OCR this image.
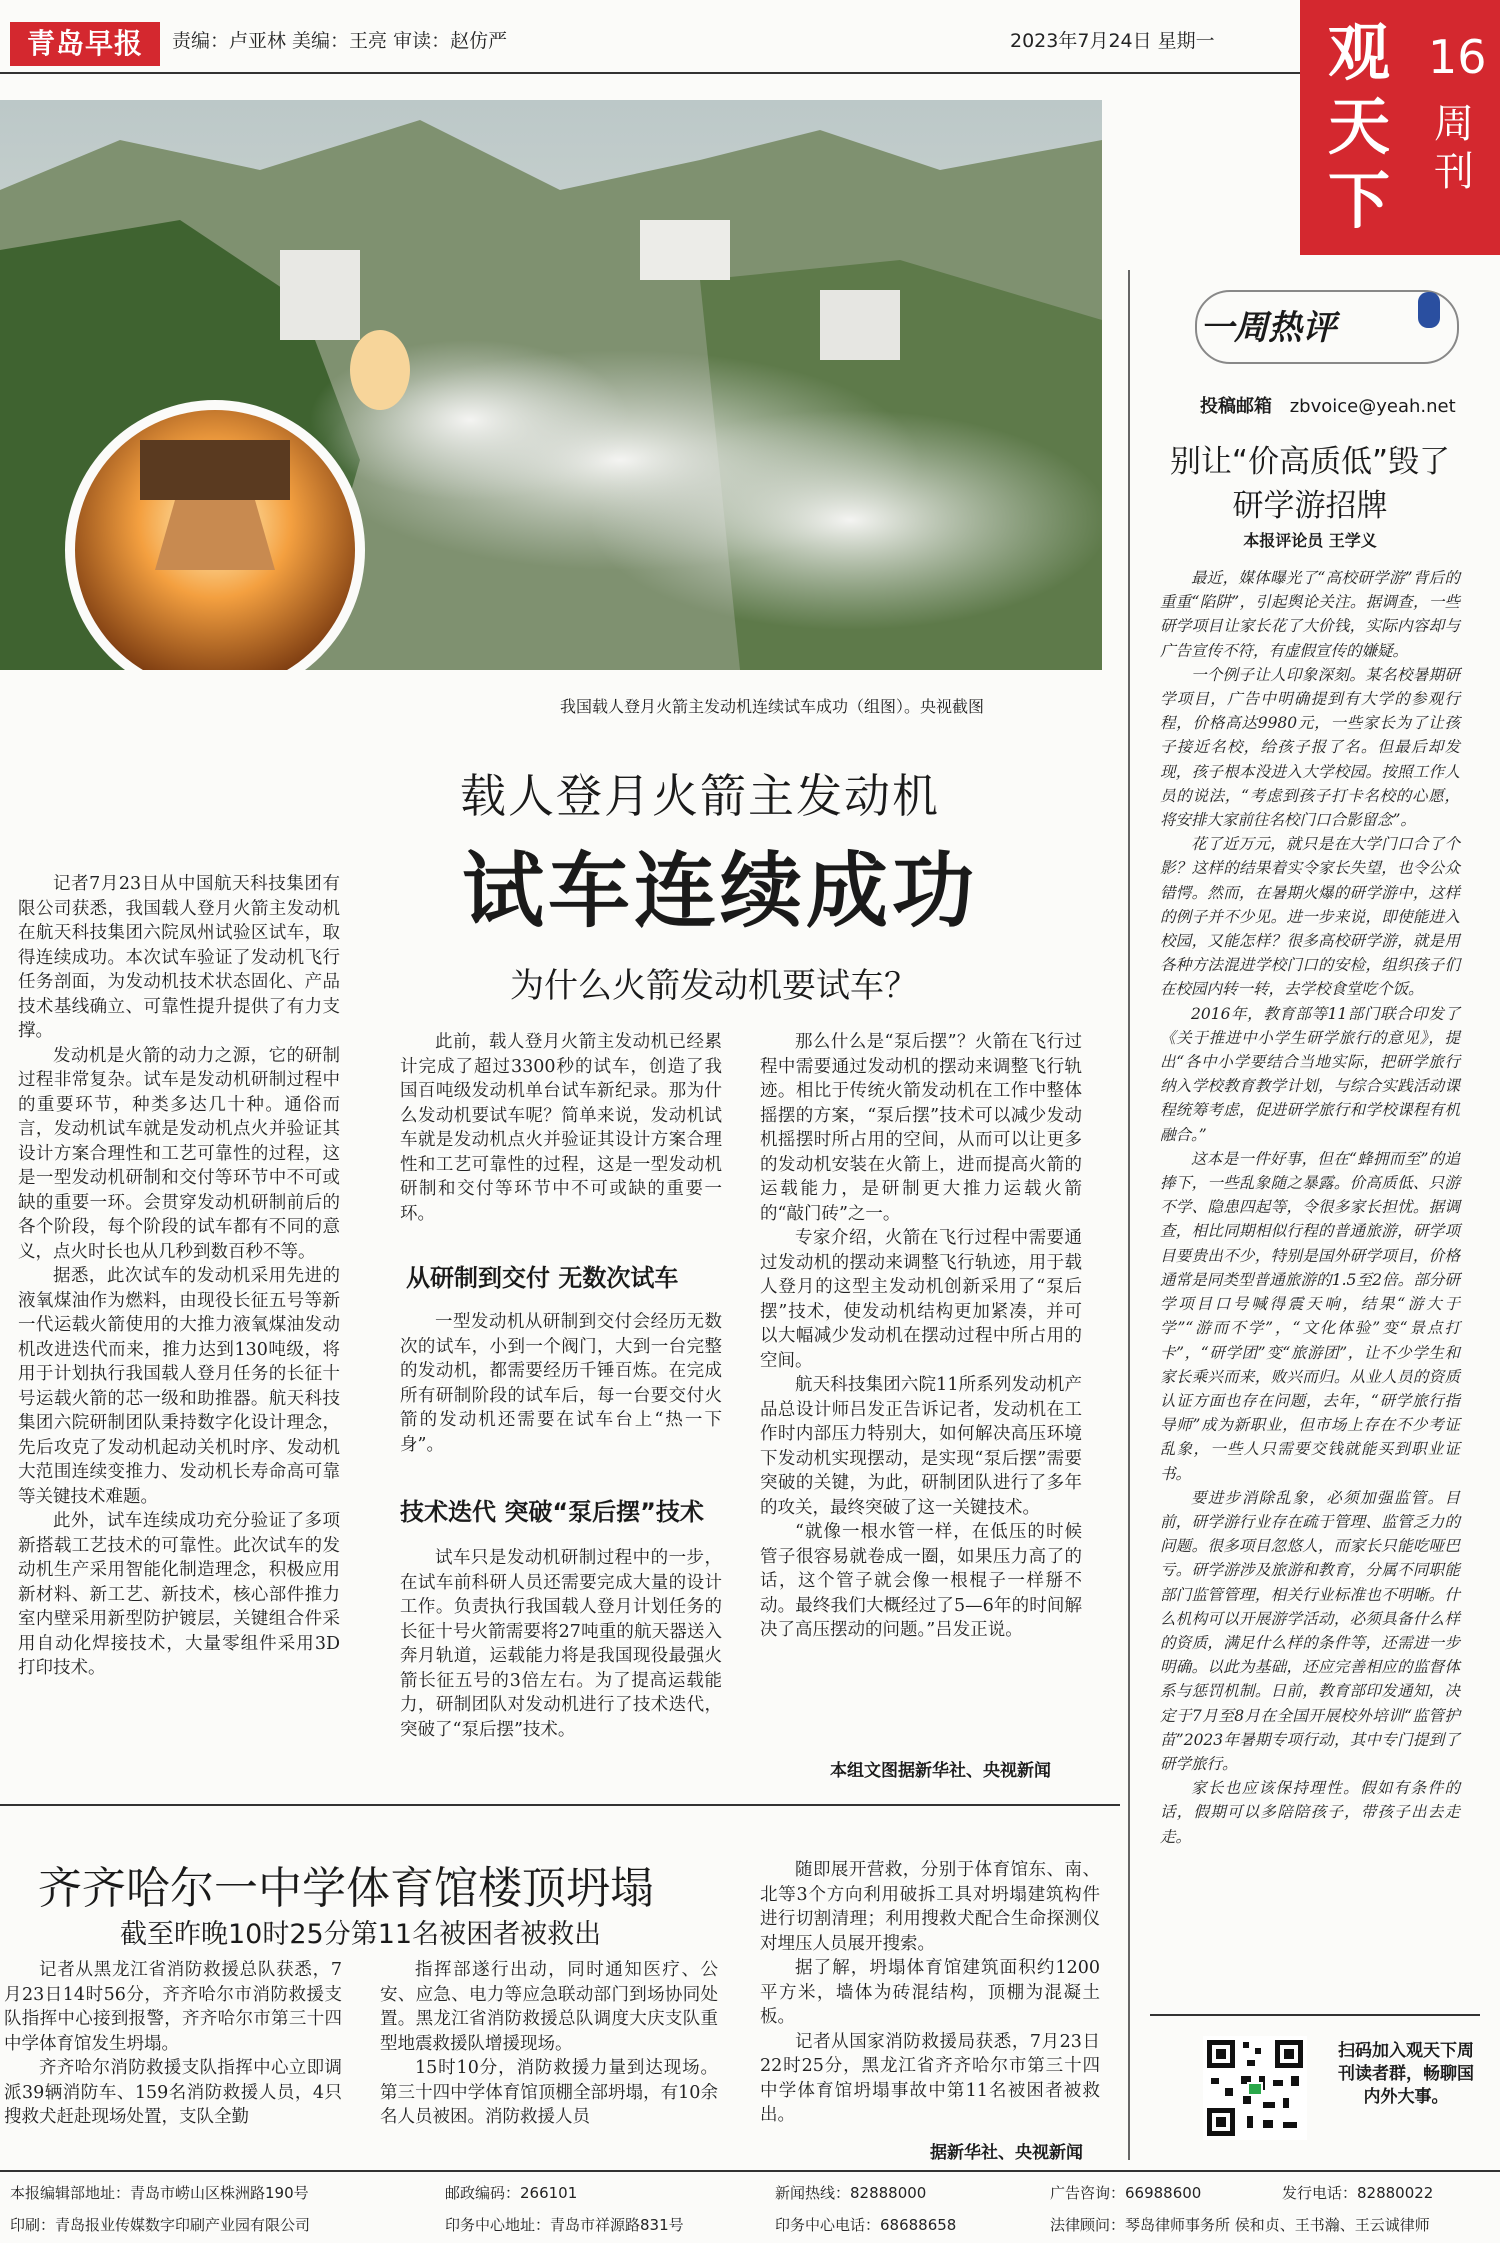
青岛早报	责编：卢亚林 美编：王亮 审读：赵仿严	2023年7月24日 星期一 观天下
16
周刊
我国载人登月火箭主发动机连续试车成功（组图）。央视截图
载人登月火箭主发动机
试车连续成功
为什么火箭发动机要试车？

记者7月23日从中国航天科技集团有限公司获悉，我国载人登月火箭主发动机在航天科技集团六院凤州试验区试车，取得连续成功。本次试车验证了发动机飞行任务剖面，为发动机技术状态固化、产品技术基线确立、可靠性提升提供了有力支撑。

发动机是火箭的动力之源，它的研制过程非常复杂。试车是发动机研制过程中的重要环节，种类多达几十种。通俗而言，发动机试车就是发动机点火并验证其设计方案合理性和工艺可靠性的过程，这是一型发动机研制和交付等环节中不可或缺的重要一环。会贯穿发动机研制前后的各个阶段，每个阶段的试车都有不同的意义，点火时长也从几秒到数百秒不等。

据悉，此次试车的发动机采用先进的液氧煤油作为燃料，由现役长征五号等新一代运载火箭使用的大推力液氧煤油发动机改进迭代而来，推力达到130吨级，将用于计划执行我国载人登月任务的长征十号运载火箭的芯一级和助推器。航天科技集团六院研制团队秉持数字化设计理念，先后攻克了发动机起动关机时序、发动机大范围连续变推力、发动机长寿命高可靠等关键技术难题。

此外，试车连续成功充分验证了多项新搭载工艺技术的可靠性。此次试车的发动机生产采用智能化制造理念，积极应用新材料、新工艺、新技术，核心部件推力室内壁采用新型防护镀层，关键组合件采用自动化焊接技术，大量零组件采用3D打印技术。

此前，载人登月火箭主发动机已经累计完成了超过3300秒的试车，创造了我国百吨级发动机单台试车新纪录。那为什么发动机要试车呢？简单来说，发动机试车就是发动机点火并验证其设计方案合理性和工艺可靠性的过程，这是一型发动机研制和交付等环节中不可或缺的重要一环。

从研制到交付 无数次试车

一型发动机从研制到交付会经历无数次的试车，小到一个阀门，大到一台完整的发动机，都需要经历千锤百炼。在完成所有研制阶段的试车后，每一台要交付火箭的发动机还需要在试车台上“热一下身”。

技术迭代 突破“泵后摆”技术

试车只是发动机研制过程中的一步，在试车前科研人员还需要完成大量的设计工作。负责执行我国载人登月计划任务的长征十号火箭需要将27吨重的航天器送入奔月轨道，运载能力将是我国现役最强火箭长征五号的3倍左右。为了提高运载能力，研制团队对发动机进行了技术迭代，突破了“泵后摆”技术。

那么什么是“泵后摆”？火箭在飞行过程中需要通过发动机的摆动来调整飞行轨迹。相比于传统火箭发动机在工作中整体摇摆的方案，“泵后摆”技术可以减少发动机摇摆时所占用的空间，从而可以让更多的发动机安装在火箭上，进而提高火箭的运载能力，是研制更大推力运载火箭的“敲门砖”之一。

专家介绍，火箭在飞行过程中需要通过发动机的摆动来调整飞行轨迹，用于载人登月的这型主发动机创新采用了“泵后摆”技术，使发动机结构更加紧凑，并可以大幅减少发动机在摆动过程中所占用的空间。

航天科技集团六院11所系列发动机产品总设计师吕发正告诉记者，发动机在工作时内部压力特别大，如何解决高压环境下发动机实现摆动，是实现“泵后摆”需要突破的关键，为此，研制团队进行了多年的攻关，最终突破了这一关键技术。

“就像一根水管一样，在低压的时候管子很容易就卷成一圈，如果压力高了的话，这个管子就会像一根棍子一样掰不动。最终我们大概经过了5—6年的时间解决了高压摆动的问题。”吕发正说。

本组文图据新华社、央视新闻
一周热评
投稿邮箱 zbvoice@yeah.net
别让“价高质低”毁了研学游招牌
本报评论员 王学义

最近，媒体曝光了“高校研学游”背后的重重“陷阱”，引起舆论关注。据调查，一些研学项目让家长花了大价钱，实际内容却与广告宣传不符，有虚假宣传的嫌疑。

一个例子让人印象深刻。某名校暑期研学项目，广告中明确提到有大学的参观行程，价格高达9980元，一些家长为了让孩子接近名校，给孩子报了名。但最后却发现，孩子根本没进入大学校园。按照工作人员的说法，“考虑到孩子打卡名校的心愿，将安排大家前往名校门口合影留念”。

花了近万元，就只是在大学门口合了个影？这样的结果着实令家长失望，也令公众错愕。然而，在暑期火爆的研学游中，这样的例子并不少见。进一步来说，即使能进入校园，又能怎样？很多高校研学游，就是用各种方法混进学校门口的安检，组织孩子们在校园内转一转，去学校食堂吃个饭。

2016年，教育部等11部门联合印发了《关于推进中小学生研学旅行的意见》，提出“各中小学要结合当地实际，把研学旅行纳入学校教育教学计划，与综合实践活动课程统筹考虑，促进研学旅行和学校课程有机融合。”

这本是一件好事，但在“蜂拥而至”的追捧下，一些乱象随之暴露。价高质低、只游不学、隐患四起等，令很多家长担忧。据调查，相比同期相似行程的普通旅游，研学项目要贵出不少，特别是国外研学项目，价格通常是同类型普通旅游的1.5至2倍。部分研学项目口号喊得震天响，结果“游大于学”“游而不学”，“文化体验”变“景点打卡”，“研学团”变“旅游团”，让不少学生和家长乘兴而来，败兴而归。从业人员的资质认证方面也存在问题，去年，“研学旅行指导师”成为新职业，但市场上存在不少考证乱象，一些人只需要交钱就能买到职业证书。

要进步消除乱象，必须加强监管。目前，研学游行业存在疏于管理、监管乏力的问题。很多项目忽悠人，而家长只能吃哑巴亏。研学游涉及旅游和教育，分属不同职能部门监管管理，相关行业标准也不明晰。什么机构可以开展游学活动，必须具备什么样的资质，满足什么样的条件等，还需进一步明确。以此为基础，还应完善相应的监督体系与惩罚机制。日前，教育部印发通知，决定于7月至8月在全国开展校外培训“监管护苗”2023年暑期专项行动，其中专门提到了研学旅行。

家长也应该保持理性。假如有条件的话，假期可以多陪陪孩子，带孩子出去走走。

扫码加入观天下周刊读者群，畅聊国内外大事。
齐齐哈尔一中学体育馆楼顶坍塌
截至昨晚10时25分第11名被困者被救出

记者从黑龙江省消防救援总队获悉，7月23日14时56分，齐齐哈尔市消防救援支队指挥中心接到报警，齐齐哈尔市第三十四中学体育馆发生坍塌。

齐齐哈尔消防救援支队指挥中心立即调派39辆消防车、159名消防救援人员，4只搜救犬赶赴现场处置，支队全勤

指挥部遂行出动，同时通知医疗、公安、应急、电力等应急联动部门到场协同处置。黑龙江省消防救援总队调度大庆支队重型地震救援队增援现场。

15时10分，消防救援力量到达现场。第三十四中学体育馆顶棚全部坍塌，有10余名人员被困。消防救援人员

随即展开营救，分别于体育馆东、南、北等3个方向利用破拆工具对坍塌建筑构件进行切割清理；利用搜救犬配合生命探测仪对埋压人员展开搜索。

据了解，坍塌体育馆建筑面积约1200平方米，墙体为砖混结构，顶棚为混凝土板。

记者从国家消防救援局获悉，7月23日22时25分，黑龙江省齐齐哈尔市第三十四中学体育馆坍塌事故中第11名被困者被救出。

据新华社、央视新闻
本报编辑部地址：青岛市崂山区株洲路190号	邮政编码：266101	新闻热线：82888000	广告咨询：66988600	发行电话：82880022
印刷：青岛报业传媒数字印刷产业园有限公司	印务中心地址：青岛市祥源路831号	印务中心电话：68688658	法律顾问：琴岛律师事务所 侯和贞、王书瀚、王云诚律师
